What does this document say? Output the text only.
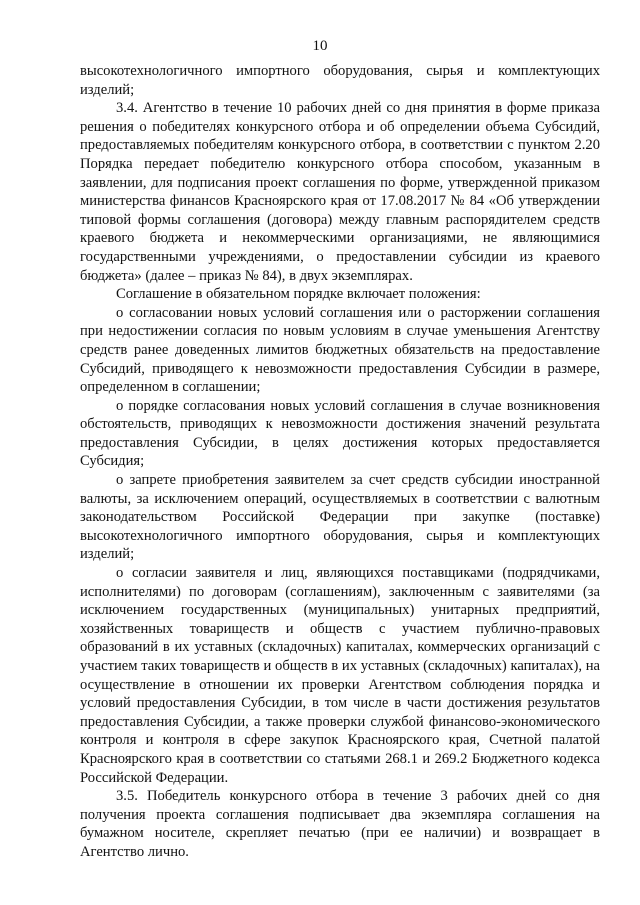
10

высокотехнологичного импортного оборудования, сырья и комплектующих изделий;

3.4. Агентство в течение 10 рабочих дней со дня принятия в форме приказа решения о победителях конкурсного отбора и об определении объема Субсидий, предоставляемых победителям конкурсного отбора, в соответствии с пунктом 2.20 Порядка передает победителю конкурсного отбора способом, указанным в заявлении, для подписания проект соглашения по форме, утвержденной приказом министерства финансов Красноярского края от 17.08.2017 № 84 «Об утверждении типовой формы соглашения (договора) между главным распорядителем средств краевого бюджета и некоммерческими организациями, не являющимися государственными учреждениями, о предоставлении субсидии из краевого бюджета» (далее – приказ № 84), в двух экземплярах.

Соглашение в обязательном порядке включает положения:

о согласовании новых условий соглашения или о расторжении соглашения при недостижении согласия по новым условиям в случае уменьшения Агентству средств ранее доведенных лимитов бюджетных обязательств на предоставление Субсидий, приводящего к невозможности предоставления Субсидии в размере, определенном в соглашении;

о порядке согласования новых условий соглашения в случае возникновения обстоятельств, приводящих к невозможности достижения значений результата предоставления Субсидии, в целях достижения которых предоставляется Субсидия;

о запрете приобретения заявителем за счет средств субсидии иностранной валюты, за исключением операций, осуществляемых в соответствии с валютным законодательством Российской Федерации при закупке (поставке) высокотехнологичного импортного оборудования, сырья и комплектующих изделий;

о согласии заявителя и лиц, являющихся поставщиками (подрядчиками, исполнителями) по договорам (соглашениям), заключенным с заявителями (за исключением государственных (муниципальных) унитарных предприятий, хозяйственных товариществ и обществ с участием публично-правовых образований в их уставных (складочных) капиталах, коммерческих организаций с участием таких товариществ и обществ в их уставных (складочных) капиталах), на осуществление в отношении их проверки Агентством соблюдения порядка и условий предоставления Субсидии, в том числе в части достижения результатов предоставления Субсидии, а также проверки службой финансово-экономического контроля и контроля в сфере закупок Красноярского края, Счетной палатой Красноярского края в соответствии со статьями 268.1 и 269.2 Бюджетного кодекса Российской Федерации.

3.5. Победитель конкурсного отбора в течение 3 рабочих дней со дня получения проекта соглашения подписывает два экземпляра соглашения на бумажном носителе, скрепляет печатью (при ее наличии) и возвращает в Агентство лично.
